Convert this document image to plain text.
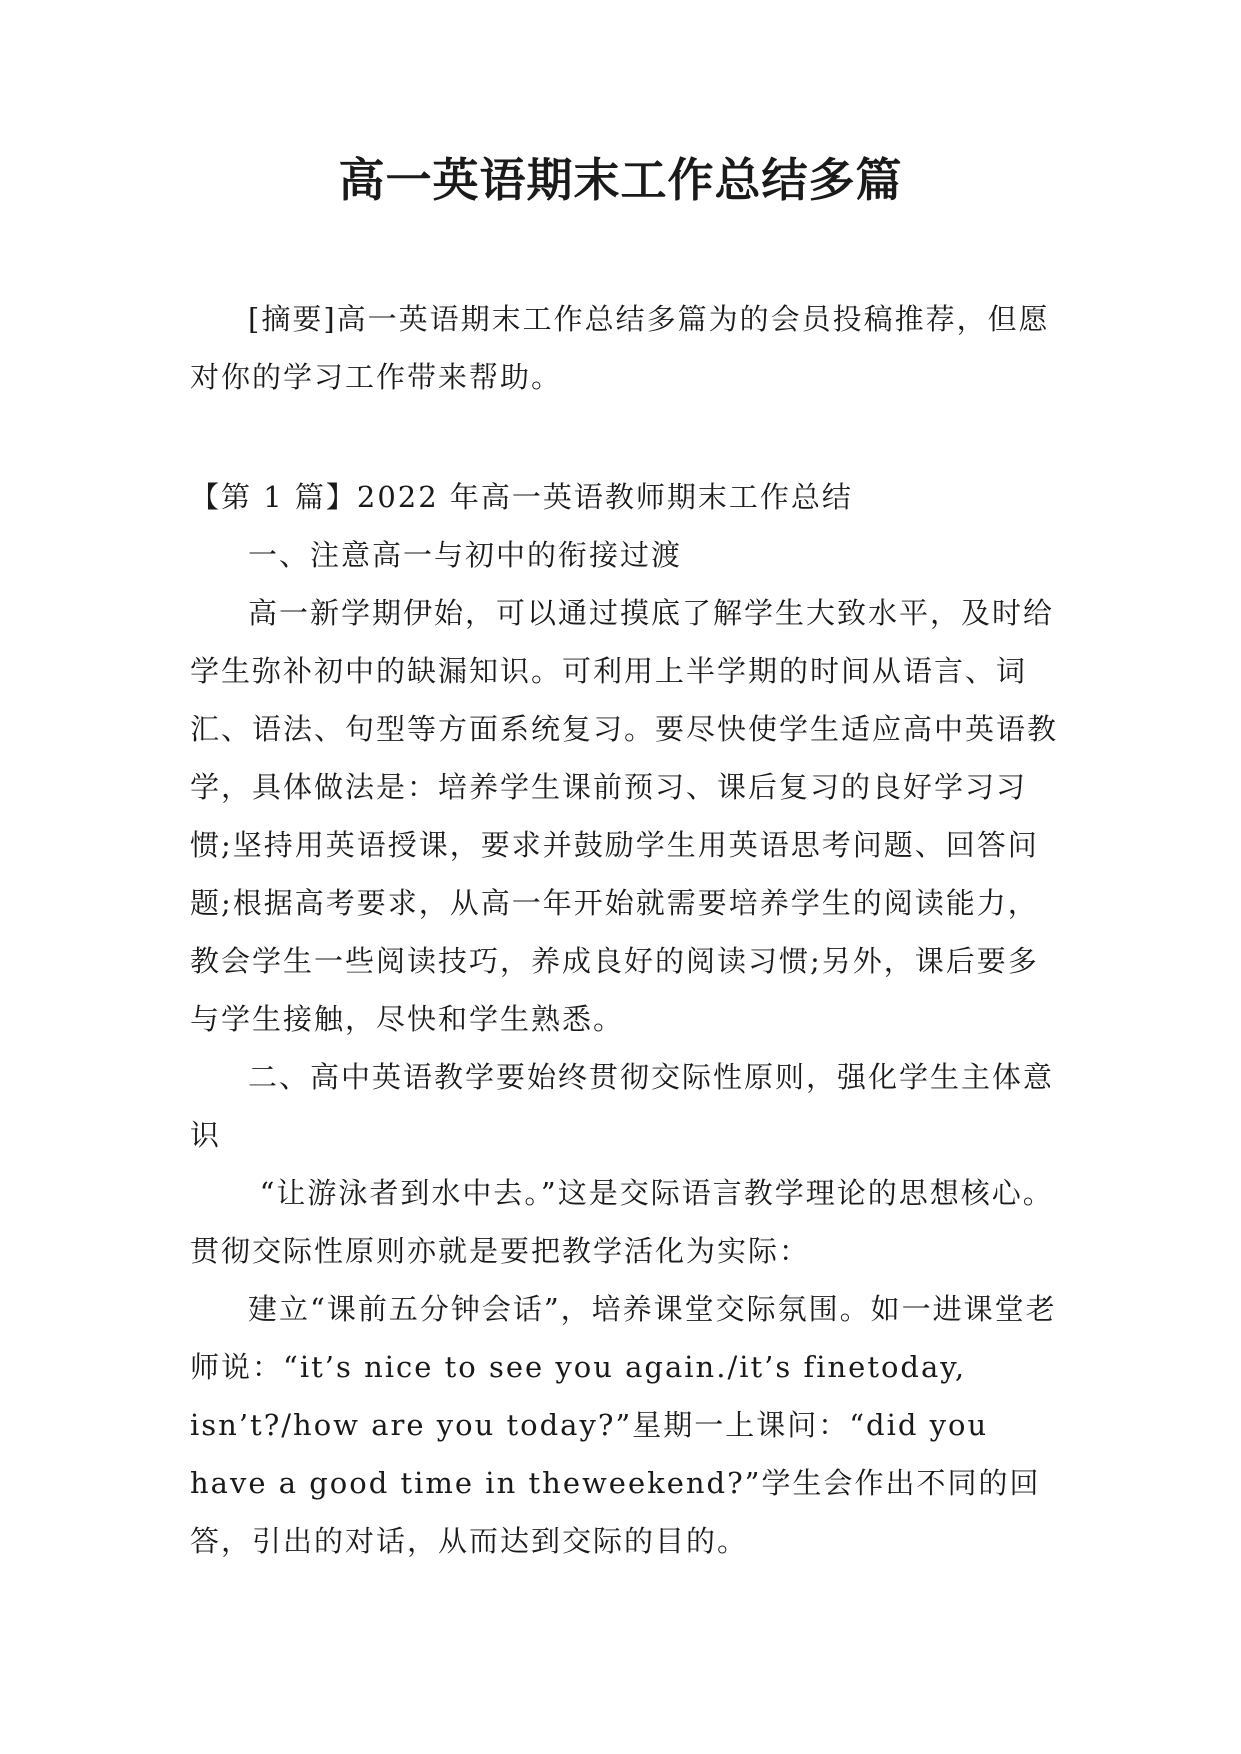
高一英语期末工作总结多篇

[摘要]高一英语期末工作总结多篇为的会员投稿推荐，但愿对你的学习工作带来帮助。

【第 1 篇】2022 年高一英语教师期末工作总结

一、注意高一与初中的衔接过渡

高一新学期伊始，可以通过摸底了解学生大致水平，及时给学生弥补初中的缺漏知识。可利用上半学期的时间从语言、词汇、语法、句型等方面系统复习。要尽快使学生适应高中英语教学，具体做法是：培养学生课前预习、课后复习的良好学习习惯;坚持用英语授课，要求并鼓励学生用英语思考问题、回答问题;根据高考要求，从高一年开始就需要培养学生的阅读能力，教会学生一些阅读技巧，养成良好的阅读习惯;另外，课后要多与学生接触，尽快和学生熟悉。

二、高中英语教学要始终贯彻交际性原则，强化学生主体意识

“让游泳者到水中去。”这是交际语言教学理论的思想核心。贯彻交际性原则亦就是要把教学活化为实际：

建立“课前五分钟会话”，培养课堂交际氛围。如一进课堂老师说：“it’s nice to see you again./it’s finetoday, isn’t?/how are you today?”星期一上课问：“did you have a good time in theweekend?”学生会作出不同的回答，引出的对话，从而达到交际的目的。
